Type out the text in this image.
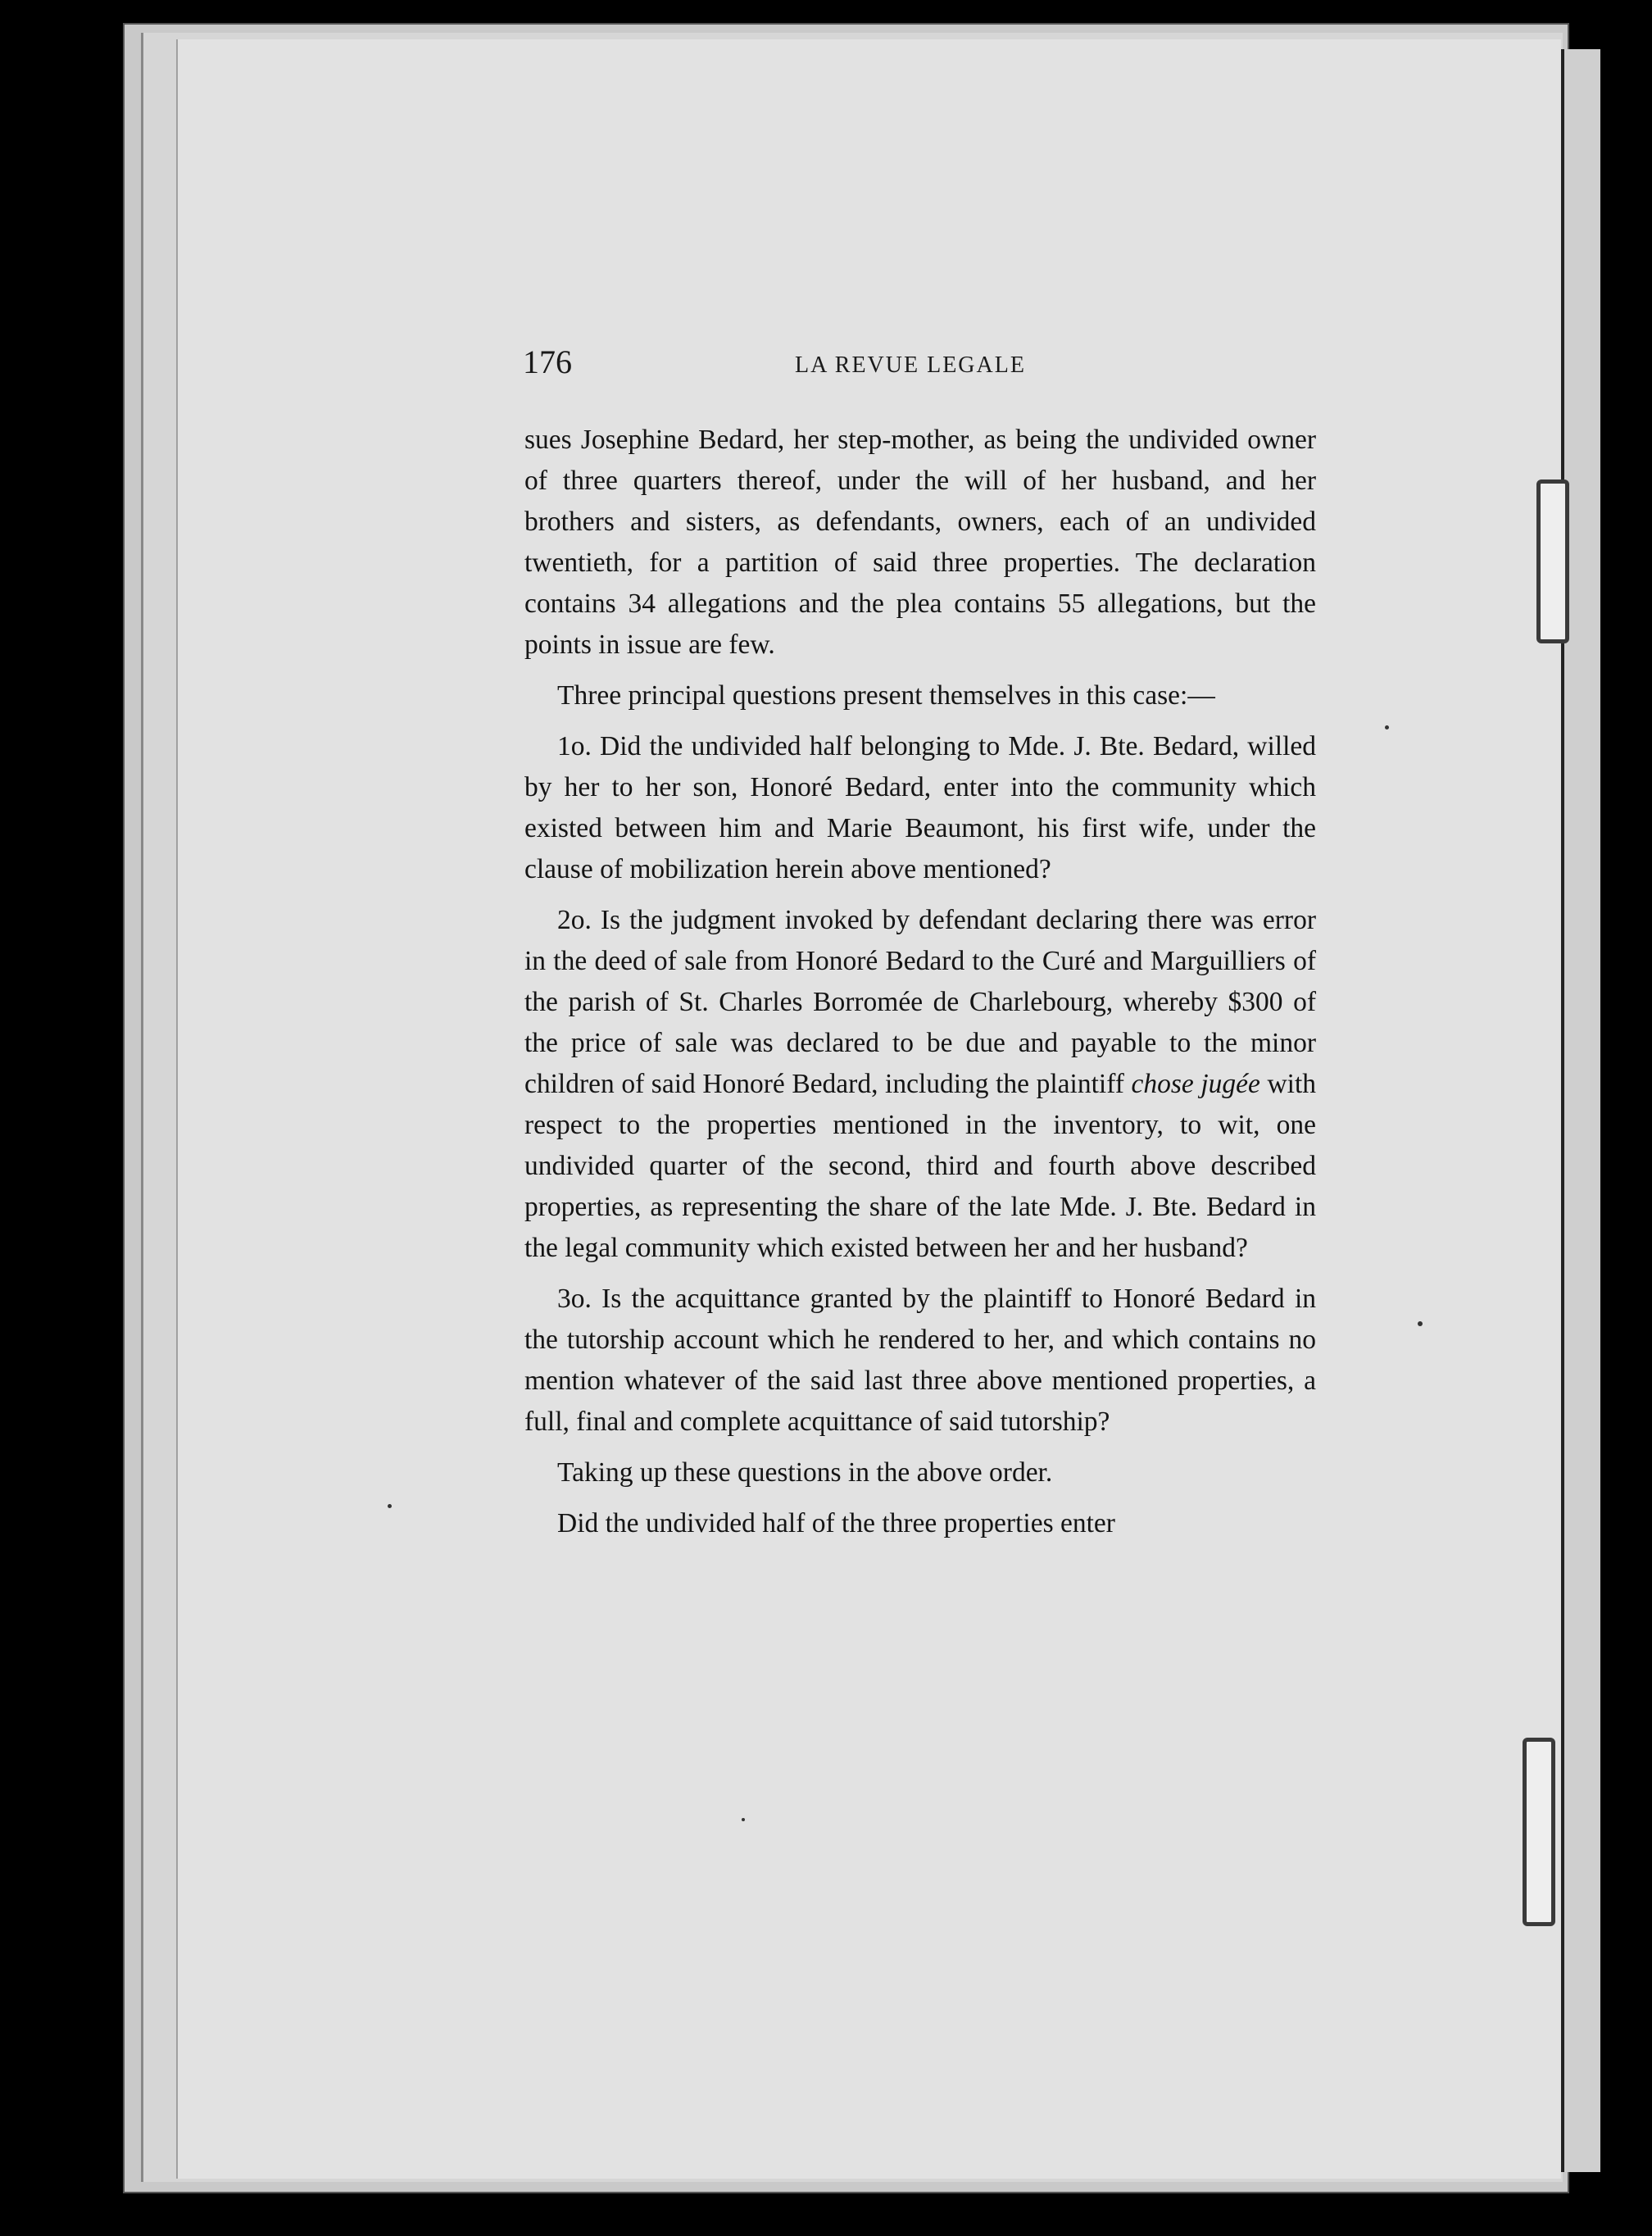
176	LA REVUE LEGALE

sues Josephine Bedard, her step-mother, as being the undivided owner of three quarters thereof, under the will of her husband, and her brothers and sisters, as defendants, owners, each of an undivided twentieth, for a partition of said three properties. The declaration contains 34 allegations and the plea contains 55 allegations, but the points in issue are few.

Three principal questions present themselves in this case:—

1o. Did the undivided half belonging to Mde. J. Bte. Bedard, willed by her to her son, Honoré Bedard, enter into the community which existed between him and Marie Beaumont, his first wife, under the clause of mobilization herein above mentioned?

2o. Is the judgment invoked by defendant declaring there was error in the deed of sale from Honoré Bedard to the Curé and Marguilliers of the parish of St. Charles Borromée de Charlebourg, whereby $300 of the price of sale was declared to be due and payable to the minor children of said Honoré Bedard, including the plaintiff chose jugée with respect to the properties mentioned in the inventory, to wit, one undivided quarter of the second, third and fourth above described properties, as representing the share of the late Mde. J. Bte. Bedard in the legal community which existed between her and her husband?

3o. Is the acquittance granted by the plaintiff to Honoré Bedard in the tutorship account which he rendered to her, and which contains no mention whatever of the said last three above mentioned properties, a full, final and complete acquittance of said tutorship?

Taking up these questions in the above order.

Did the undivided half of the three properties enter
